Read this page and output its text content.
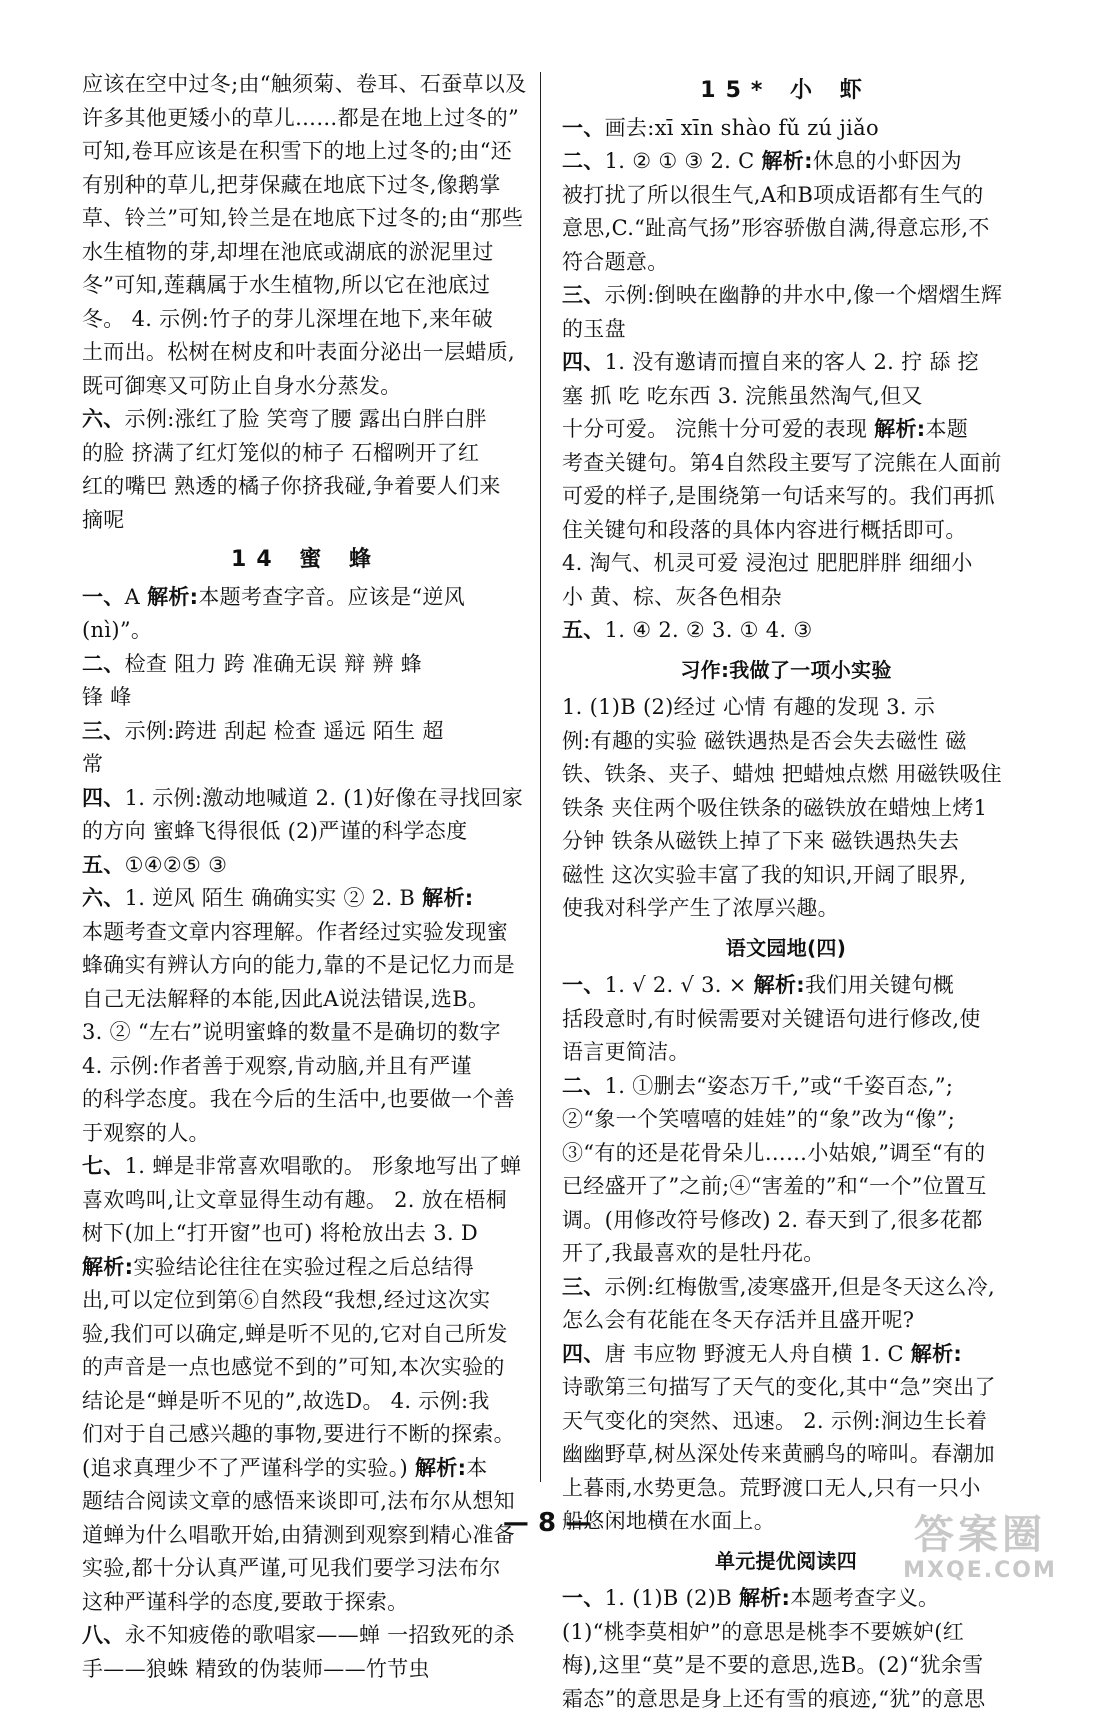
应该在空中过冬;由“触须菊、卷耳、石蚕草以及
许多其他更矮小的草儿……都是在地上过冬的”
可知,卷耳应该是在积雪下的地上过冬的;由“还
有别种的草儿,把芽保藏在地底下过冬,像鹅掌
草、铃兰”可知,铃兰是在地底下过冬的;由“那些
水生植物的芽,却埋在池底或湖底的淤泥里过
冬”可知,莲藕属于水生植物,所以它在池底过
冬。 4. 示例:竹子的芽儿深埋在地下,来年破
土而出。松树在树皮和叶表面分泌出一层蜡质,
既可御寒又可防止自身水分蒸发。
六、示例:涨红了脸 笑弯了腰 露出白胖白胖
的脸 挤满了红灯笼似的柿子 石榴咧开了红
红的嘴巴 熟透的橘子你挤我碰,争着要人们来
摘呢
14 蜜 蜂
一、A 解析:本题考查字音。应该是“逆风
(nì)”。
二、检查 阻力 跨 准确无误 辩 辨 蜂
锋 峰
三、示例:跨进 刮起 检查 遥远 陌生 超
常
四、1. 示例:激动地喊道 2. (1)好像在寻找回家
的方向 蜜蜂飞得很低 (2)严谨的科学态度
五、①④②⑤ ③
六、1. 逆风 陌生 确确实实 ② 2. B 解析:
本题考查文章内容理解。作者经过实验发现蜜
蜂确实有辨认方向的能力,靠的不是记忆力而是
自己无法解释的本能,因此A说法错误,选B。
3. ② “左右”说明蜜蜂的数量不是确切的数字
4. 示例:作者善于观察,肯动脑,并且有严谨
的科学态度。我在今后的生活中,也要做一个善
于观察的人。
七、1. 蝉是非常喜欢唱歌的。 形象地写出了蝉
喜欢鸣叫,让文章显得生动有趣。 2. 放在梧桐
树下(加上“打开窗”也可) 将枪放出去 3. D
解析:实验结论往往在实验过程之后总结得
出,可以定位到第⑥自然段“我想,经过这次实
验,我们可以确定,蝉是听不见的,它对自己所发
的声音是一点也感觉不到的”可知,本次实验的
结论是“蝉是听不见的”,故选D。 4. 示例:我
们对于自己感兴趣的事物,要进行不断的探索。
(追求真理少不了严谨科学的实验。) 解析:本
题结合阅读文章的感悟来谈即可,法布尔从想知
道蝉为什么唱歌开始,由猜测到观察到精心准备
实验,都十分认真严谨,可见我们要学习法布尔
这种严谨科学的态度,要敢于探索。
八、永不知疲倦的歌唱家——蝉 一招致死的杀
手——狼蛛 精致的伪装师——竹节虫
15* 小 虾
一、画去:xī xīn shào fǔ zú jiǎo
二、1. ② ① ③ 2. C 解析:休息的小虾因为
被打扰了所以很生气,A和B项成语都有生气的
意思,C.“趾高气扬”形容骄傲自满,得意忘形,不
符合题意。
三、示例:倒映在幽静的井水中,像一个熠熠生辉
的玉盘
四、1. 没有邀请而擅自来的客人 2. 拧 舔 挖
塞 抓 吃 吃东西 3. 浣熊虽然淘气,但又
十分可爱。 浣熊十分可爱的表现 解析:本题
考查关键句。第4自然段主要写了浣熊在人面前
可爱的样子,是围绕第一句话来写的。我们再抓
住关键句和段落的具体内容进行概括即可。
4. 淘气、机灵可爱 浸泡过 肥肥胖胖 细细小
小 黄、棕、灰各色相杂
五、1. ④ 2. ② 3. ① 4. ③
习作:我做了一项小实验
1. (1)B (2)经过 心情 有趣的发现 3. 示
例:有趣的实验 磁铁遇热是否会失去磁性 磁
铁、铁条、夹子、蜡烛 把蜡烛点燃 用磁铁吸住
铁条 夹住两个吸住铁条的磁铁放在蜡烛上烤1
分钟 铁条从磁铁上掉了下来 磁铁遇热失去
磁性 这次实验丰富了我的知识,开阔了眼界,
使我对科学产生了浓厚兴趣。
语文园地(四)
一、1. √ 2. √ 3. × 解析:我们用关键句概
括段意时,有时候需要对关键语句进行修改,使
语言更简洁。
二、1. ①删去“姿态万千,”或“千姿百态,”;
②“象一个笑嘻嘻的娃娃”的“象”改为“像”;
③“有的还是花骨朵儿……小姑娘,”调至“有的
已经盛开了”之前;④“害羞的”和“一个”位置互
调。(用修改符号修改) 2. 春天到了,很多花都
开了,我最喜欢的是牡丹花。
三、示例:红梅傲雪,凌寒盛开,但是冬天这么冷,
怎么会有花能在冬天存活并且盛开呢?
四、唐 韦应物 野渡无人舟自横 1. C 解析:
诗歌第三句描写了天气的变化,其中“急”突出了
天气变化的突然、迅速。 2. 示例:涧边生长着
幽幽野草,树丛深处传来黄鹂鸟的啼叫。春潮加
上暮雨,水势更急。荒野渡口无人,只有一只小
船悠闲地横在水面上。
单元提优阅读四
一、1. (1)B (2)B 解析:本题考查字义。
(1)“桃李莫相妒”的意思是桃李不要嫉妒(红
梅),这里“莫”是不要的意思,选B。(2)“犹余雪
霜态”的意思是身上还有雪的痕迹,“犹”的意思
— 8 —	答案圈
MXQE.COM
